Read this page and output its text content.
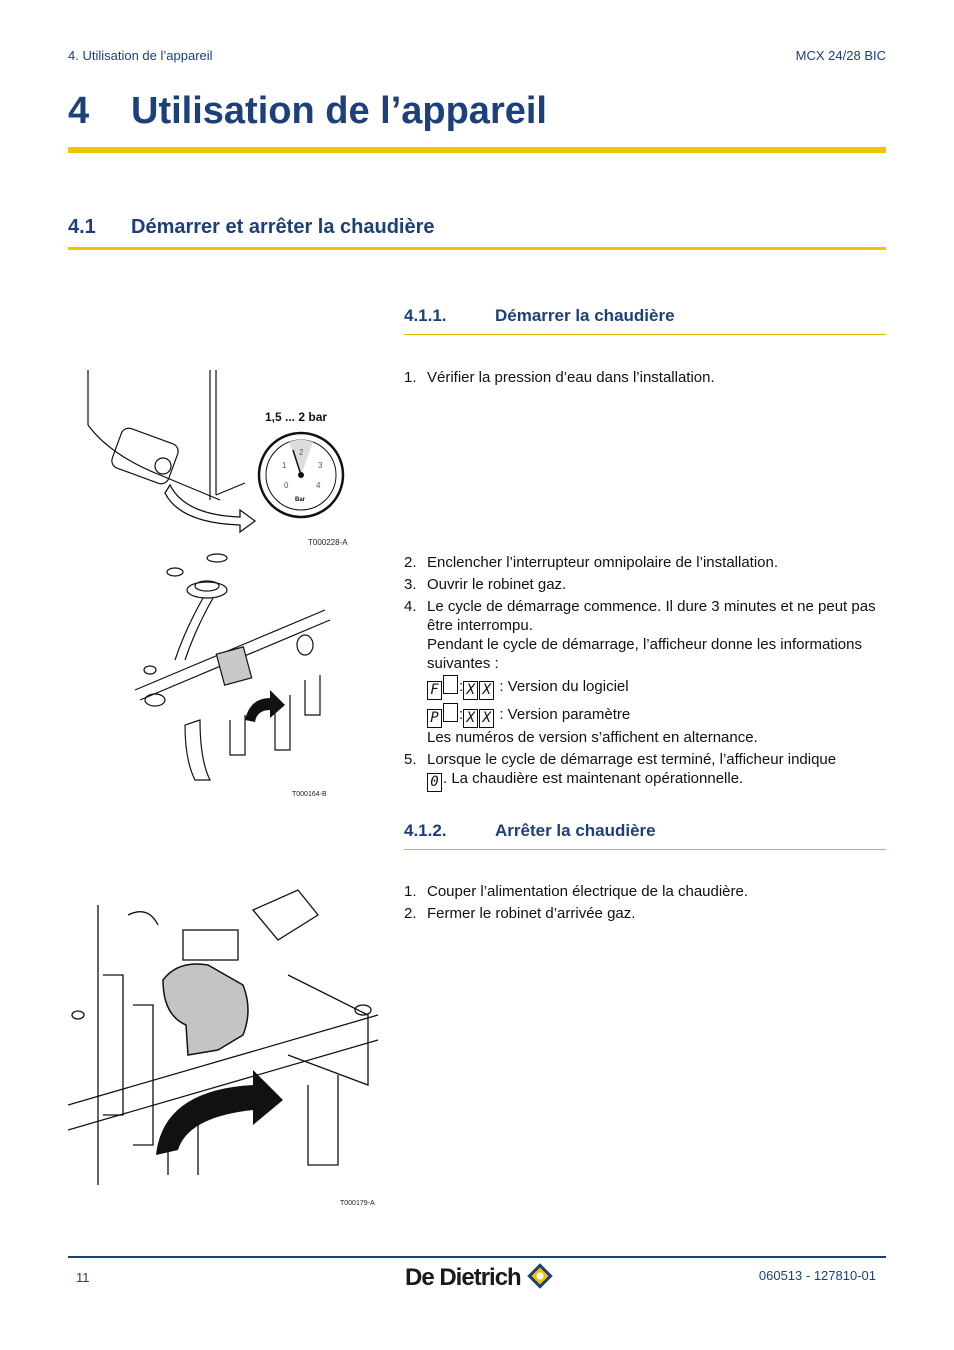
4. Utilisation de l’appareil	MCX 24/28 BIC
4 Utilisation de l’appareil
4.1 Démarrer et arrêter la chaudière
4.1.1.	Démarrer la chaudière
1. Vérifier la pression d’eau dans l’installation.
2. Enclencher l’interrupteur omnipolaire de l’installation.
3. Ouvrir le robinet gaz.
4. Le cycle de démarrage commence. Il dure 3 minutes et ne peut pas être interrompu.
Pendant le cycle de démarrage, l’afficheur donne les informations suivantes :
F : X X : Version du logiciel
P : X X : Version paramètre
Les numéros de version s’affichent en alternance.
5. Lorsque le cycle de démarrage est terminé, l’afficheur indique
0 . La chaudière est maintenant opérationnelle.
4.1.2.	Arrêter la chaudière
1. Couper l’alimentation électrique de la chaudière.
2. Fermer le robinet d’arrivée gaz.
1,5 ... 2 bar
0
1
2
3
4
Bar
T000228-A
T000164-B
T000179-A
11	De Dietrich	060513 - 127810-01
